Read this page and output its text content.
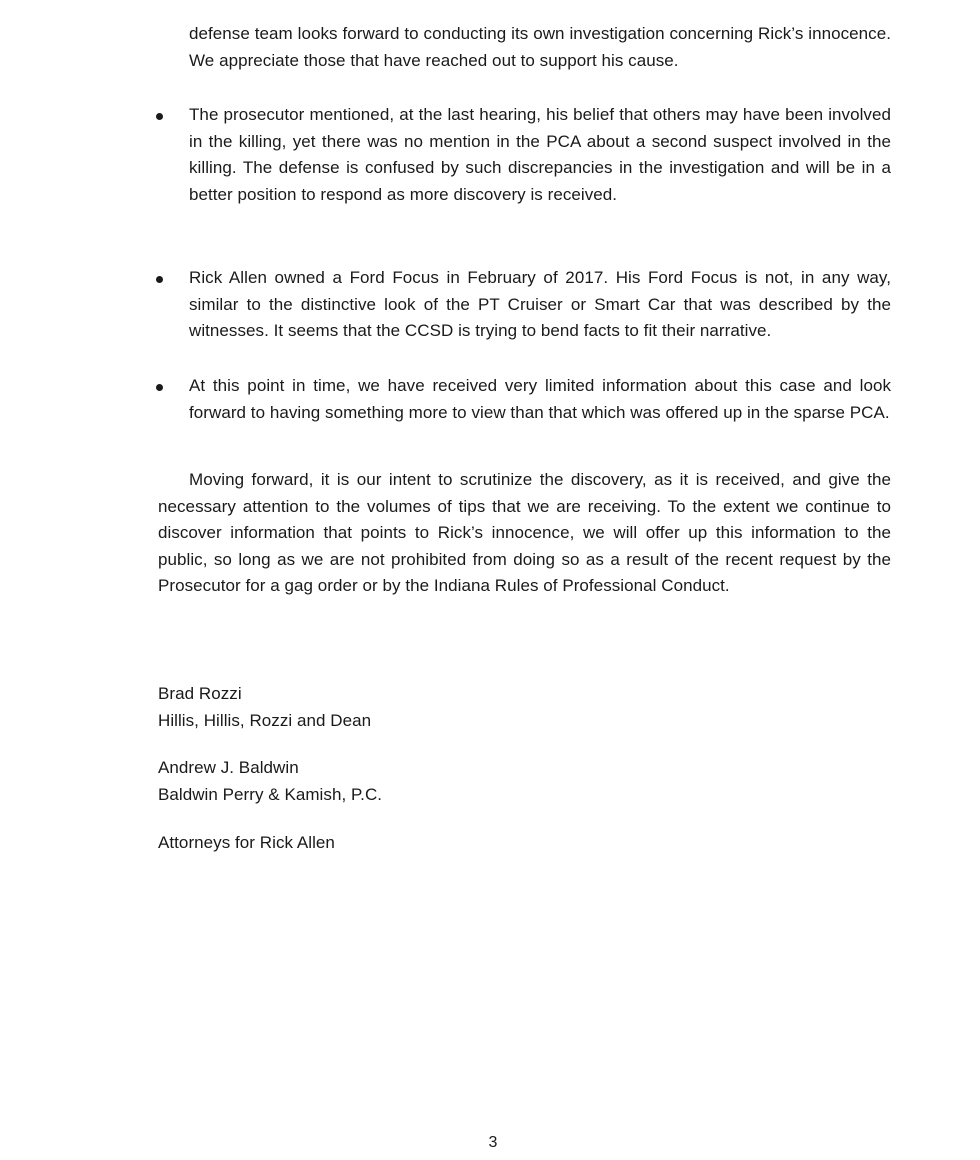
defense team looks forward to conducting its own investigation concerning Rick’s innocence. We appreciate those that have reached out to support his cause.
The prosecutor mentioned, at the last hearing, his belief that others may have been involved in the killing, yet there was no mention in the PCA about a second suspect involved in the killing. The defense is confused by such discrepancies in the investigation and will be in a better position to respond as more discovery is received.
Rick Allen owned a Ford Focus in February of 2017. His Ford Focus is not, in any way, similar to the distinctive look of the PT Cruiser or Smart Car that was described by the witnesses. It seems that the CCSD is trying to bend facts to fit their narrative.
At this point in time, we have received very limited information about this case and look forward to having something more to view than that which was offered up in the sparse PCA.
Moving forward, it is our intent to scrutinize the discovery, as it is received, and give the necessary attention to the volumes of tips that we are receiving. To the extent we continue to discover information that points to Rick’s innocence, we will offer up this information to the public, so long as we are not prohibited from doing so as a result of the recent request by the Prosecutor for a gag order or by the Indiana Rules of Professional Conduct.
Brad Rozzi
Hillis, Hillis, Rozzi and Dean
Andrew J. Baldwin
Baldwin Perry & Kamish, P.C.
Attorneys for Rick Allen
3
